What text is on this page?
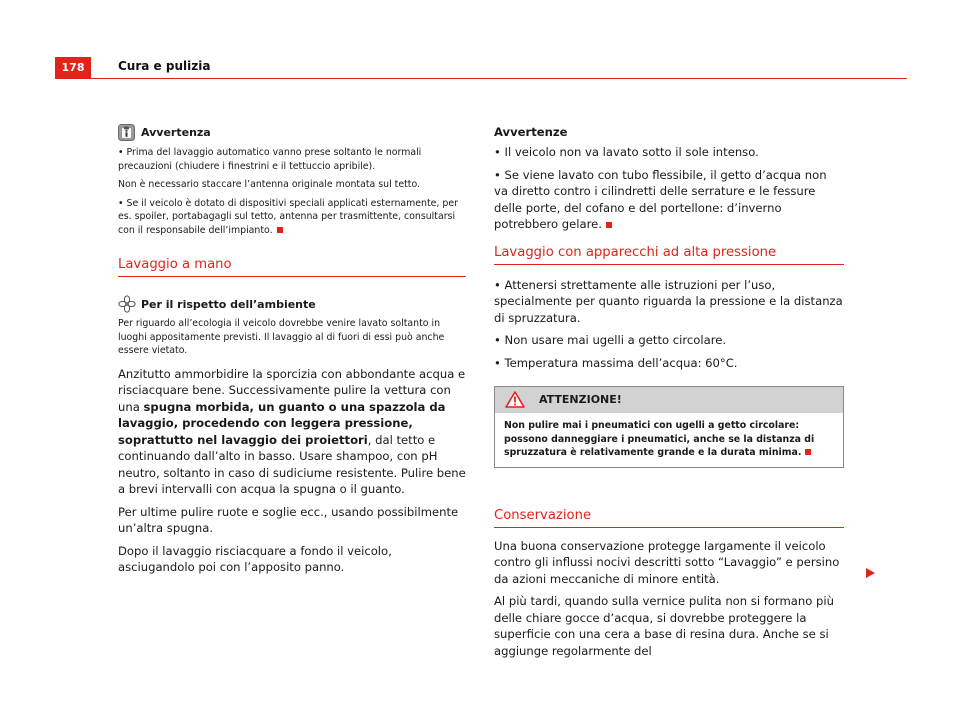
178	Cura e pulizia
Avvertenza

• Prima del lavaggio automatico vanno prese soltanto le normali precauzioni (chiudere i finestrini e il tettuccio apribile).

Non è necessario staccare l’antenna originale montata sul tetto.

• Se il veicolo è dotato di dispositivi speciali applicati esternamente, per es. spoiler, portabagagli sul tetto, antenna per trasmittente, consultarsi con il responsabile dell’impianto.

Lavaggio a mano
Per il rispetto dell’ambiente

Per riguardo all’ecologia il veicolo dovrebbe venire lavato soltanto in luoghi appositamente previsti. Il lavaggio al di fuori di essi può anche essere vietato.

Anzitutto ammorbidire la sporcizia con abbondante acqua e risciacquare bene. Successivamente pulire la vettura con una spugna morbida, un guanto o una spazzola da lavaggio, procedendo con leggera pressione, soprattutto nel lavaggio dei proiettori, dal tetto e continuando dall’alto in basso. Usare shampoo, con pH neutro, soltanto in caso di sudiciume resistente. Pulire bene a brevi intervalli con acqua la spugna o il guanto.

Per ultime pulire ruote e soglie ecc., usando possibilmente un’altra spugna.

Dopo il lavaggio risciacquare a fondo il veicolo, asciugandolo poi con l’apposito panno.

Avvertenze

• Il veicolo non va lavato sotto il sole intenso.

• Se viene lavato con tubo flessibile, il getto d’acqua non va diretto contro i cilindretti delle serrature e le fessure delle porte, del cofano e del portellone: d’inverno potrebbero gelare.

Lavaggio con apparecchi ad alta pressione

• Attenersi strettamente alle istruzioni per l’uso, specialmente per quanto riguarda la pressione e la distanza di spruzzatura.

• Non usare mai ugelli a getto circolare.

• Temperatura massima dell’acqua: 60°C.

ATTENZIONE!
Non pulire mai i pneumatici con ugelli a getto circolare: possono danneggiare i pneumatici, anche se la distanza di spruzzatura è relativamente grande e la durata minima.
Conservazione

Una buona conservazione protegge largamente il veicolo contro gli influssi nocivi descritti sotto “Lavaggio” e persino da azioni meccaniche di minore entità.

Al più tardi, quando sulla vernice pulita non si formano più delle chiare gocce d’acqua, si dovrebbe proteggere la superficie con una cera a base di resina dura. Anche se si aggiunge regolarmente del
